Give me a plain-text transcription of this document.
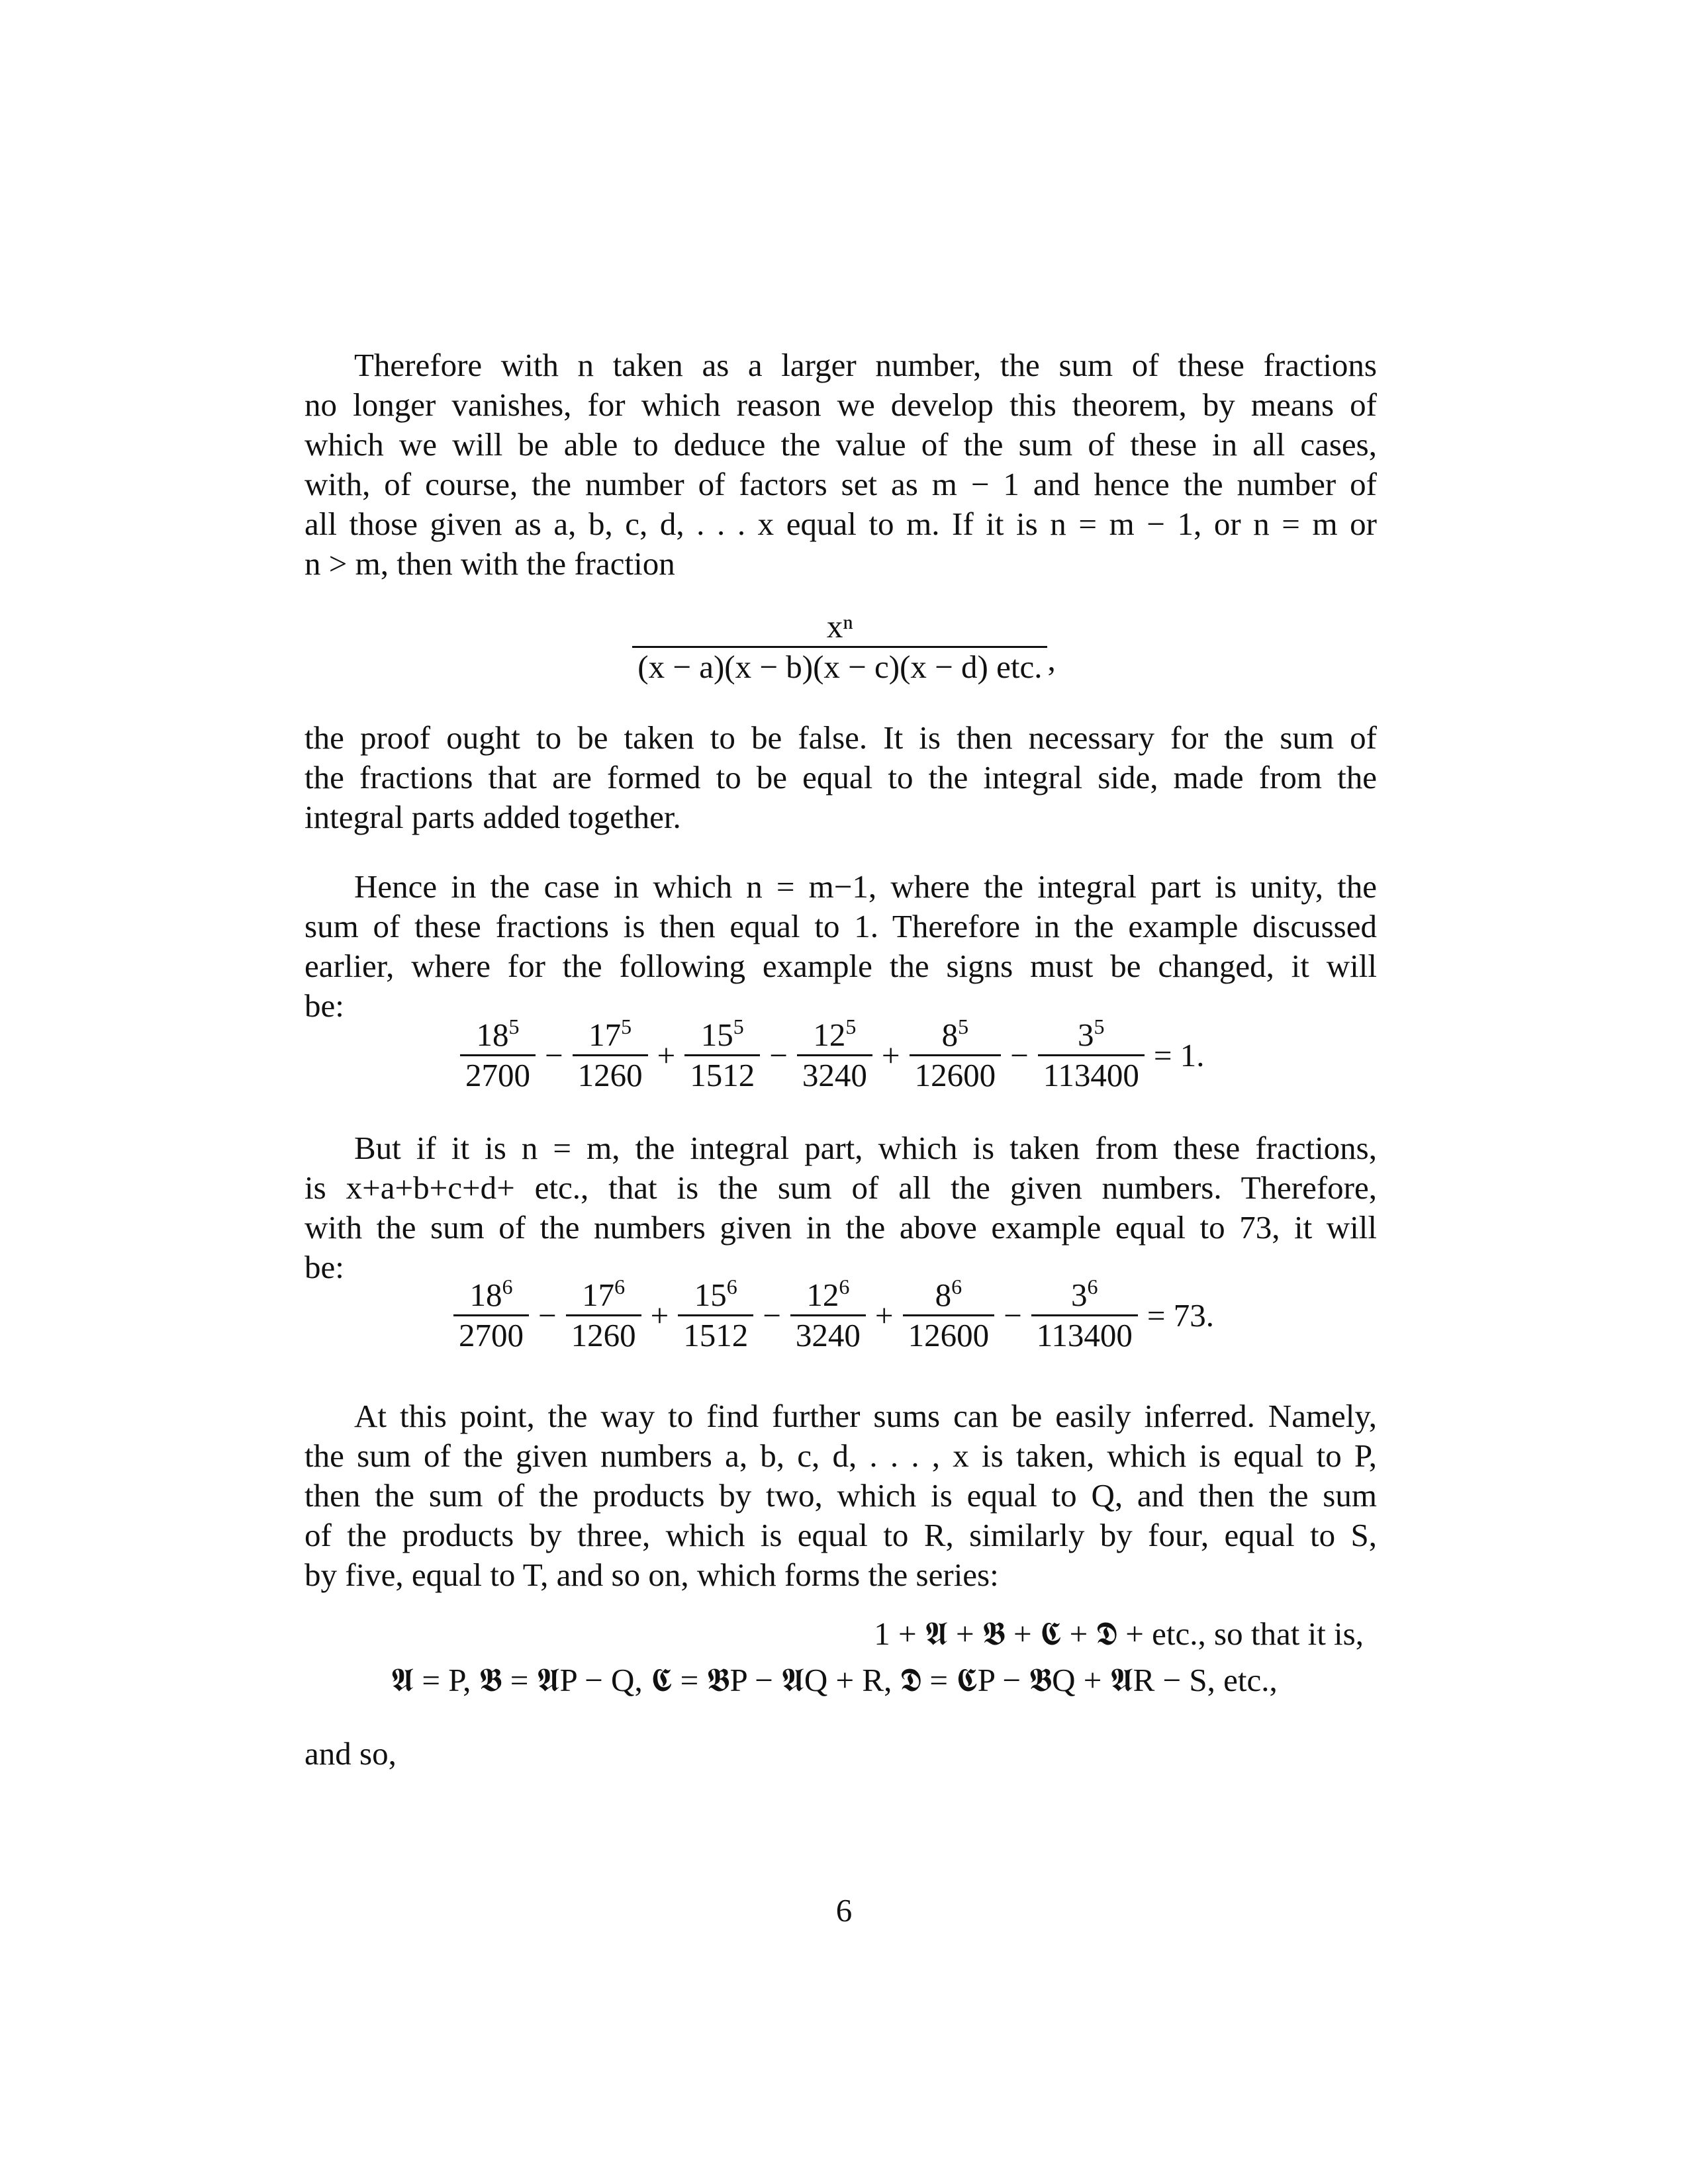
Therefore with n taken as a larger number, the sum of these fractions
no longer vanishes, for which reason we develop this theorem, by means of
which we will be able to deduce the value of the sum of these in all cases,
with, of course, the number of factors set as m − 1 and hence the number of
all those given as a, b, c, d, . . . x equal to m. If it is n = m − 1, or n = m or
n > m, then with the fraction

$\frac{\text{xⁿ}}{\text{(x − a)(x − b)(x − c)(x − d) etc.}}$ ,

the proof ought to be taken to be false. It is then necessary for the sum of
the fractions that are formed to be equal to the integral side, made from the
integral parts added together.

Hence in the case in which n = m−1, where the integral part is unity, the
sum of these fractions is then equal to 1. Therefore in the example discussed
earlier, where for the following example the signs must be changed, it will
be:

$\frac{18^5}{2700} - \frac{17^5}{1260} + \frac{15^5}{1512} - \frac{12^5}{3240} + \frac{8^5}{12600} - \frac{3^5}{113400} = 1$.

But if it is n = m, the integral part, which is taken from these fractions,
is x+a+b+c+d+ etc., that is the sum of all the given numbers. Therefore,
with the sum of the numbers given in the above example equal to 73, it will
be:

$\frac{18^6}{2700} - \frac{17^6}{1260} + \frac{15^6}{1512} - \frac{12^6}{3240} + \frac{8^6}{12600} - \frac{3^6}{113400} = 73$.

At this point, the way to find further sums can be easily inferred. Namely,
the sum of the given numbers a, b, c, d, . . . , x is taken, which is equal to P,
then the sum of the products by two, which is equal to Q, and then the sum
of the products by three, which is equal to R, similarly by four, equal to S,
by five, equal to T, and so on, which forms the series:

1 + 𝕬 + 𝕭 + 𝕮 + 𝕯 + etc., so that it is,
𝕬 = P, 𝕭 = 𝕬P − Q, 𝕮 = 𝕭P − 𝕬Q + R, 𝕯 = 𝕮P − 𝕭Q + 𝕬R − S, etc.,
and so,
6
